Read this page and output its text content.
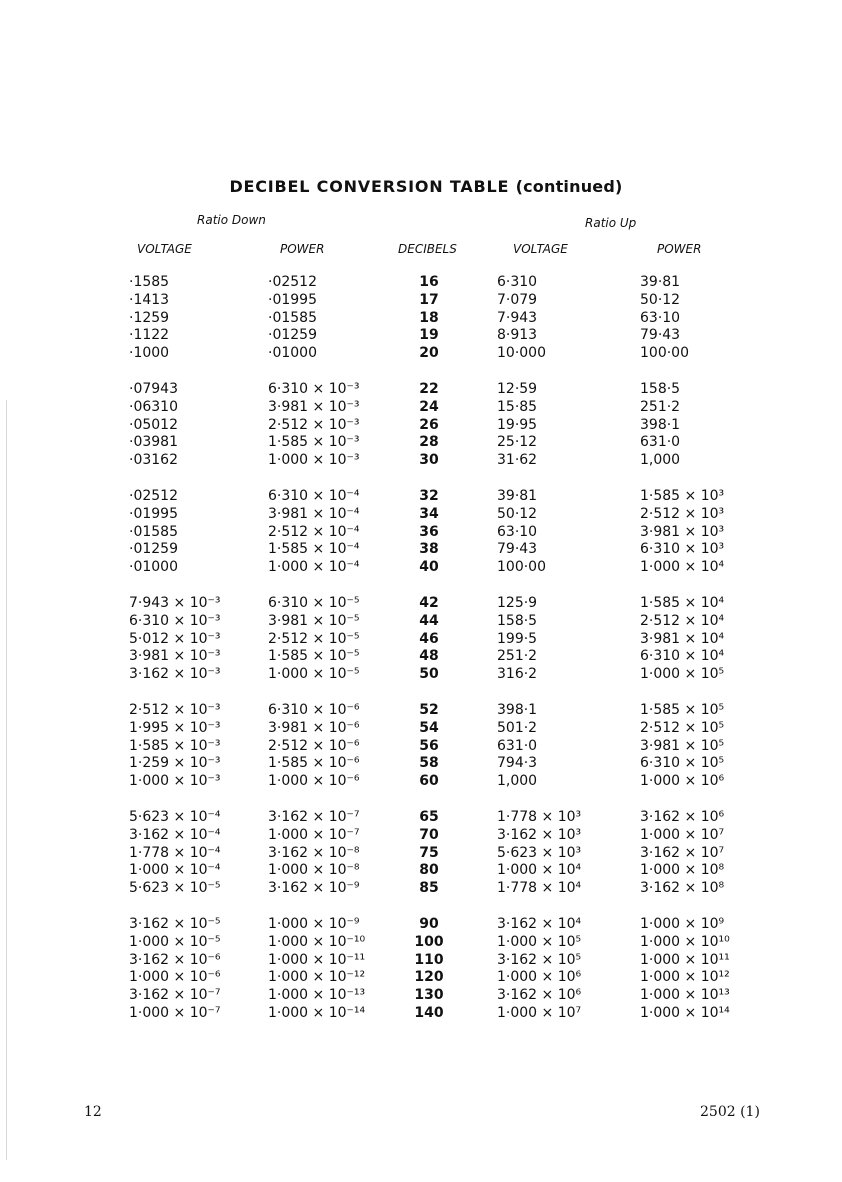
DECIBEL CONVERSION TABLE (continued)
Ratio Down	Ratio Up
VOLTAGE	POWER	DECIBELS	VOLTAGE	POWER
·1585	·02512	16	6·310	39·81
·1413	·01995	17	7·079	50·12
·1259	·01585	18	7·943	63·10
·1122	·01259	19	8·913	79·43
·1000	·01000	20	10·000	100·00
·07943	6·310 × 10⁻³	22	12·59	158·5
·06310	3·981 × 10⁻³	24	15·85	251·2
·05012	2·512 × 10⁻³	26	19·95	398·1
·03981	1·585 × 10⁻³	28	25·12	631·0
·03162	1·000 × 10⁻³	30	31·62	1,000
·02512	6·310 × 10⁻⁴	32	39·81	1·585 × 10³
·01995	3·981 × 10⁻⁴	34	50·12	2·512 × 10³
·01585	2·512 × 10⁻⁴	36	63·10	3·981 × 10³
·01259	1·585 × 10⁻⁴	38	79·43	6·310 × 10³
·01000	1·000 × 10⁻⁴	40	100·00	1·000 × 10⁴
7·943 × 10⁻³	6·310 × 10⁻⁵	42	125·9	1·585 × 10⁴
6·310 × 10⁻³	3·981 × 10⁻⁵	44	158·5	2·512 × 10⁴
5·012 × 10⁻³	2·512 × 10⁻⁵	46	199·5	3·981 × 10⁴
3·981 × 10⁻³	1·585 × 10⁻⁵	48	251·2	6·310 × 10⁴
3·162 × 10⁻³	1·000 × 10⁻⁵	50	316·2	1·000 × 10⁵
2·512 × 10⁻³	6·310 × 10⁻⁶	52	398·1	1·585 × 10⁵
1·995 × 10⁻³	3·981 × 10⁻⁶	54	501·2	2·512 × 10⁵
1·585 × 10⁻³	2·512 × 10⁻⁶	56	631·0	3·981 × 10⁵
1·259 × 10⁻³	1·585 × 10⁻⁶	58	794·3	6·310 × 10⁵
1·000 × 10⁻³	1·000 × 10⁻⁶	60	1,000	1·000 × 10⁶
5·623 × 10⁻⁴	3·162 × 10⁻⁷	65	1·778 × 10³	3·162 × 10⁶
3·162 × 10⁻⁴	1·000 × 10⁻⁷	70	3·162 × 10³	1·000 × 10⁷
1·778 × 10⁻⁴	3·162 × 10⁻⁸	75	5·623 × 10³	3·162 × 10⁷
1·000 × 10⁻⁴	1·000 × 10⁻⁸	80	1·000 × 10⁴	1·000 × 10⁸
5·623 × 10⁻⁵	3·162 × 10⁻⁹	85	1·778 × 10⁴	3·162 × 10⁸
3·162 × 10⁻⁵	1·000 × 10⁻⁹	90	3·162 × 10⁴	1·000 × 10⁹
1·000 × 10⁻⁵	1·000 × 10⁻¹⁰	100	1·000 × 10⁵	1·000 × 10¹⁰
3·162 × 10⁻⁶	1·000 × 10⁻¹¹	110	3·162 × 10⁵	1·000 × 10¹¹
1·000 × 10⁻⁶	1·000 × 10⁻¹²	120	1·000 × 10⁶	1·000 × 10¹²
3·162 × 10⁻⁷	1·000 × 10⁻¹³	130	3·162 × 10⁶	1·000 × 10¹³
1·000 × 10⁻⁷	1·000 × 10⁻¹⁴	140	1·000 × 10⁷	1·000 × 10¹⁴
12	2502 (1)
